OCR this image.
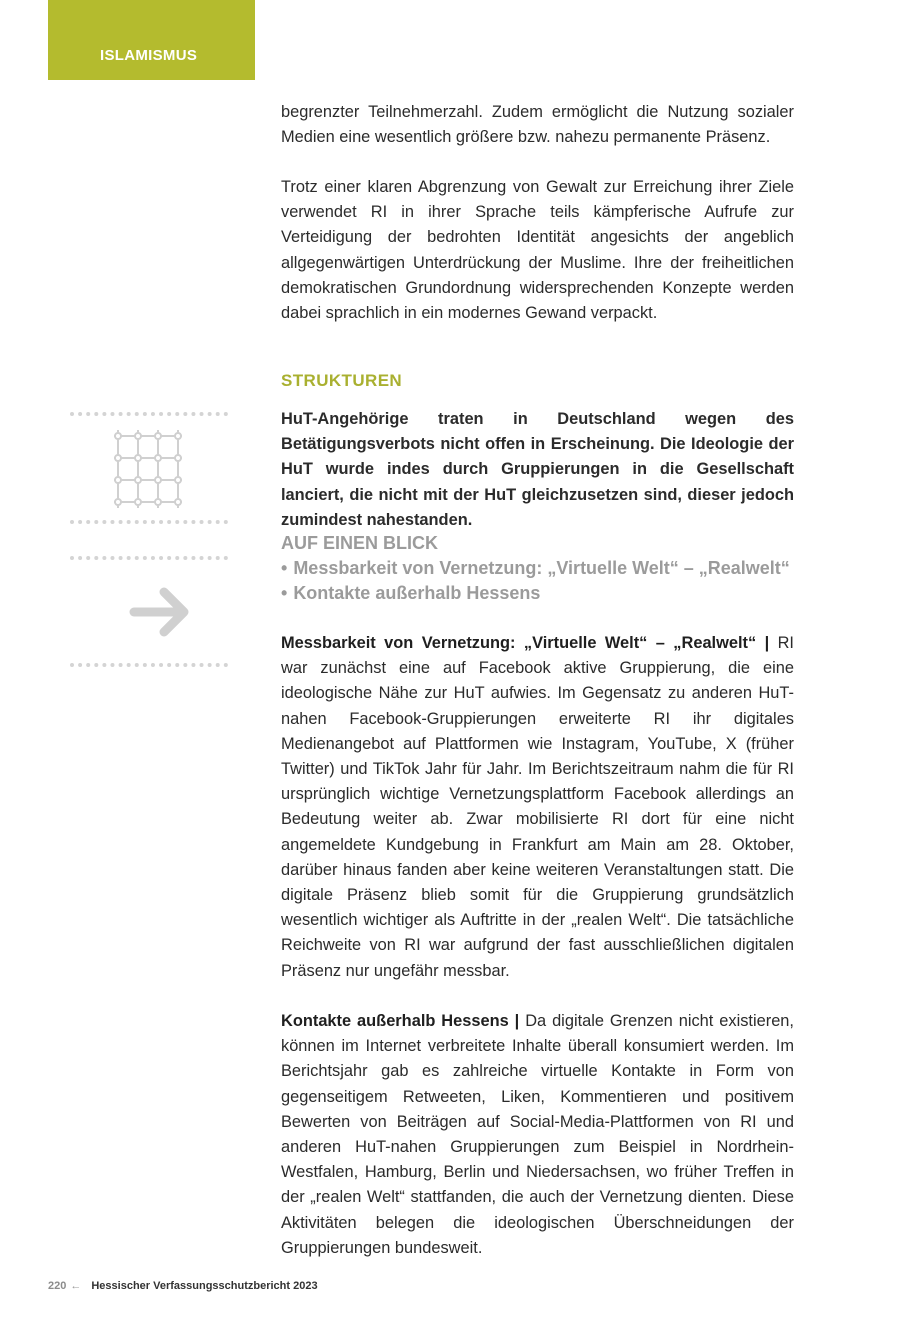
ISLAMISMUS

begrenzter Teilnehmerzahl. Zudem ermöglicht die Nutzung sozialer Medien eine wesentlich größere bzw. nahezu permanente Präsenz.

Trotz einer klaren Abgrenzung von Gewalt zur Erreichung ihrer Ziele verwendet RI in ihrer Sprache teils kämpferische Aufrufe zur Verteidigung der bedrohten Identität angesichts der angeblich allgegenwärtigen Unterdrückung der Muslime. Ihre der freiheitlichen demokratischen Grundordnung widersprechenden Konzepte werden dabei sprachlich in ein modernes Gewand verpackt.

STRUKTUREN

HuT-Angehörige traten in Deutschland wegen des Betätigungsverbots nicht offen in Erscheinung. Die Ideologie der HuT wurde indes durch Gruppierungen in die Gesellschaft lanciert, die nicht mit der HuT gleichzusetzen sind, dieser jedoch zumindest nahestanden.

AUF EINEN BLICK

• Messbarkeit von Vernetzung: „Virtuelle Welt“ – „Realwelt“
• Kontakte außerhalb Hessens

Messbarkeit von Vernetzung: „Virtuelle Welt“ – „Realwelt“ | RI war zunächst eine auf Facebook aktive Gruppierung, die eine ideologische Nähe zur HuT aufwies. Im Gegensatz zu anderen HuT-nahen Facebook-Gruppierungen erweiterte RI ihr digitales Medienangebot auf Plattformen wie Instagram, YouTube, X (früher Twitter) und TikTok Jahr für Jahr. Im Berichtszeitraum nahm die für RI ursprünglich wichtige Vernetzungsplattform Facebook allerdings an Bedeutung weiter ab. Zwar mobilisierte RI dort für eine nicht angemeldete Kundgebung in Frankfurt am Main am 28. Oktober, darüber hinaus fanden aber keine weiteren Veranstaltungen statt. Die digitale Präsenz blieb somit für die Gruppierung grundsätzlich wesentlich wichtiger als Auftritte in der „realen Welt“. Die tatsächliche Reichweite von RI war aufgrund der fast ausschließlichen digitalen Präsenz nur ungefähr messbar.

Kontakte außerhalb Hessens | Da digitale Grenzen nicht existieren, können im Internet verbreitete Inhalte überall konsumiert werden. Im Berichtsjahr gab es zahlreiche virtuelle Kontakte in Form von gegenseitigem Retweeten, Liken, Kommentieren und positivem Bewerten von Beiträgen auf Social-Media-Plattformen von RI und anderen HuT-nahen Gruppierungen zum Beispiel in Nordrhein-Westfalen, Hamburg, Berlin und Niedersachsen, wo früher Treffen in der „realen Welt“ stattfanden, die auch der Vernetzung dienten. Diese Aktivitäten belegen die ideologischen Überschneidungen der Gruppierungen bundesweit.

220 ← Hessischer Verfassungsschutzbericht 2023
